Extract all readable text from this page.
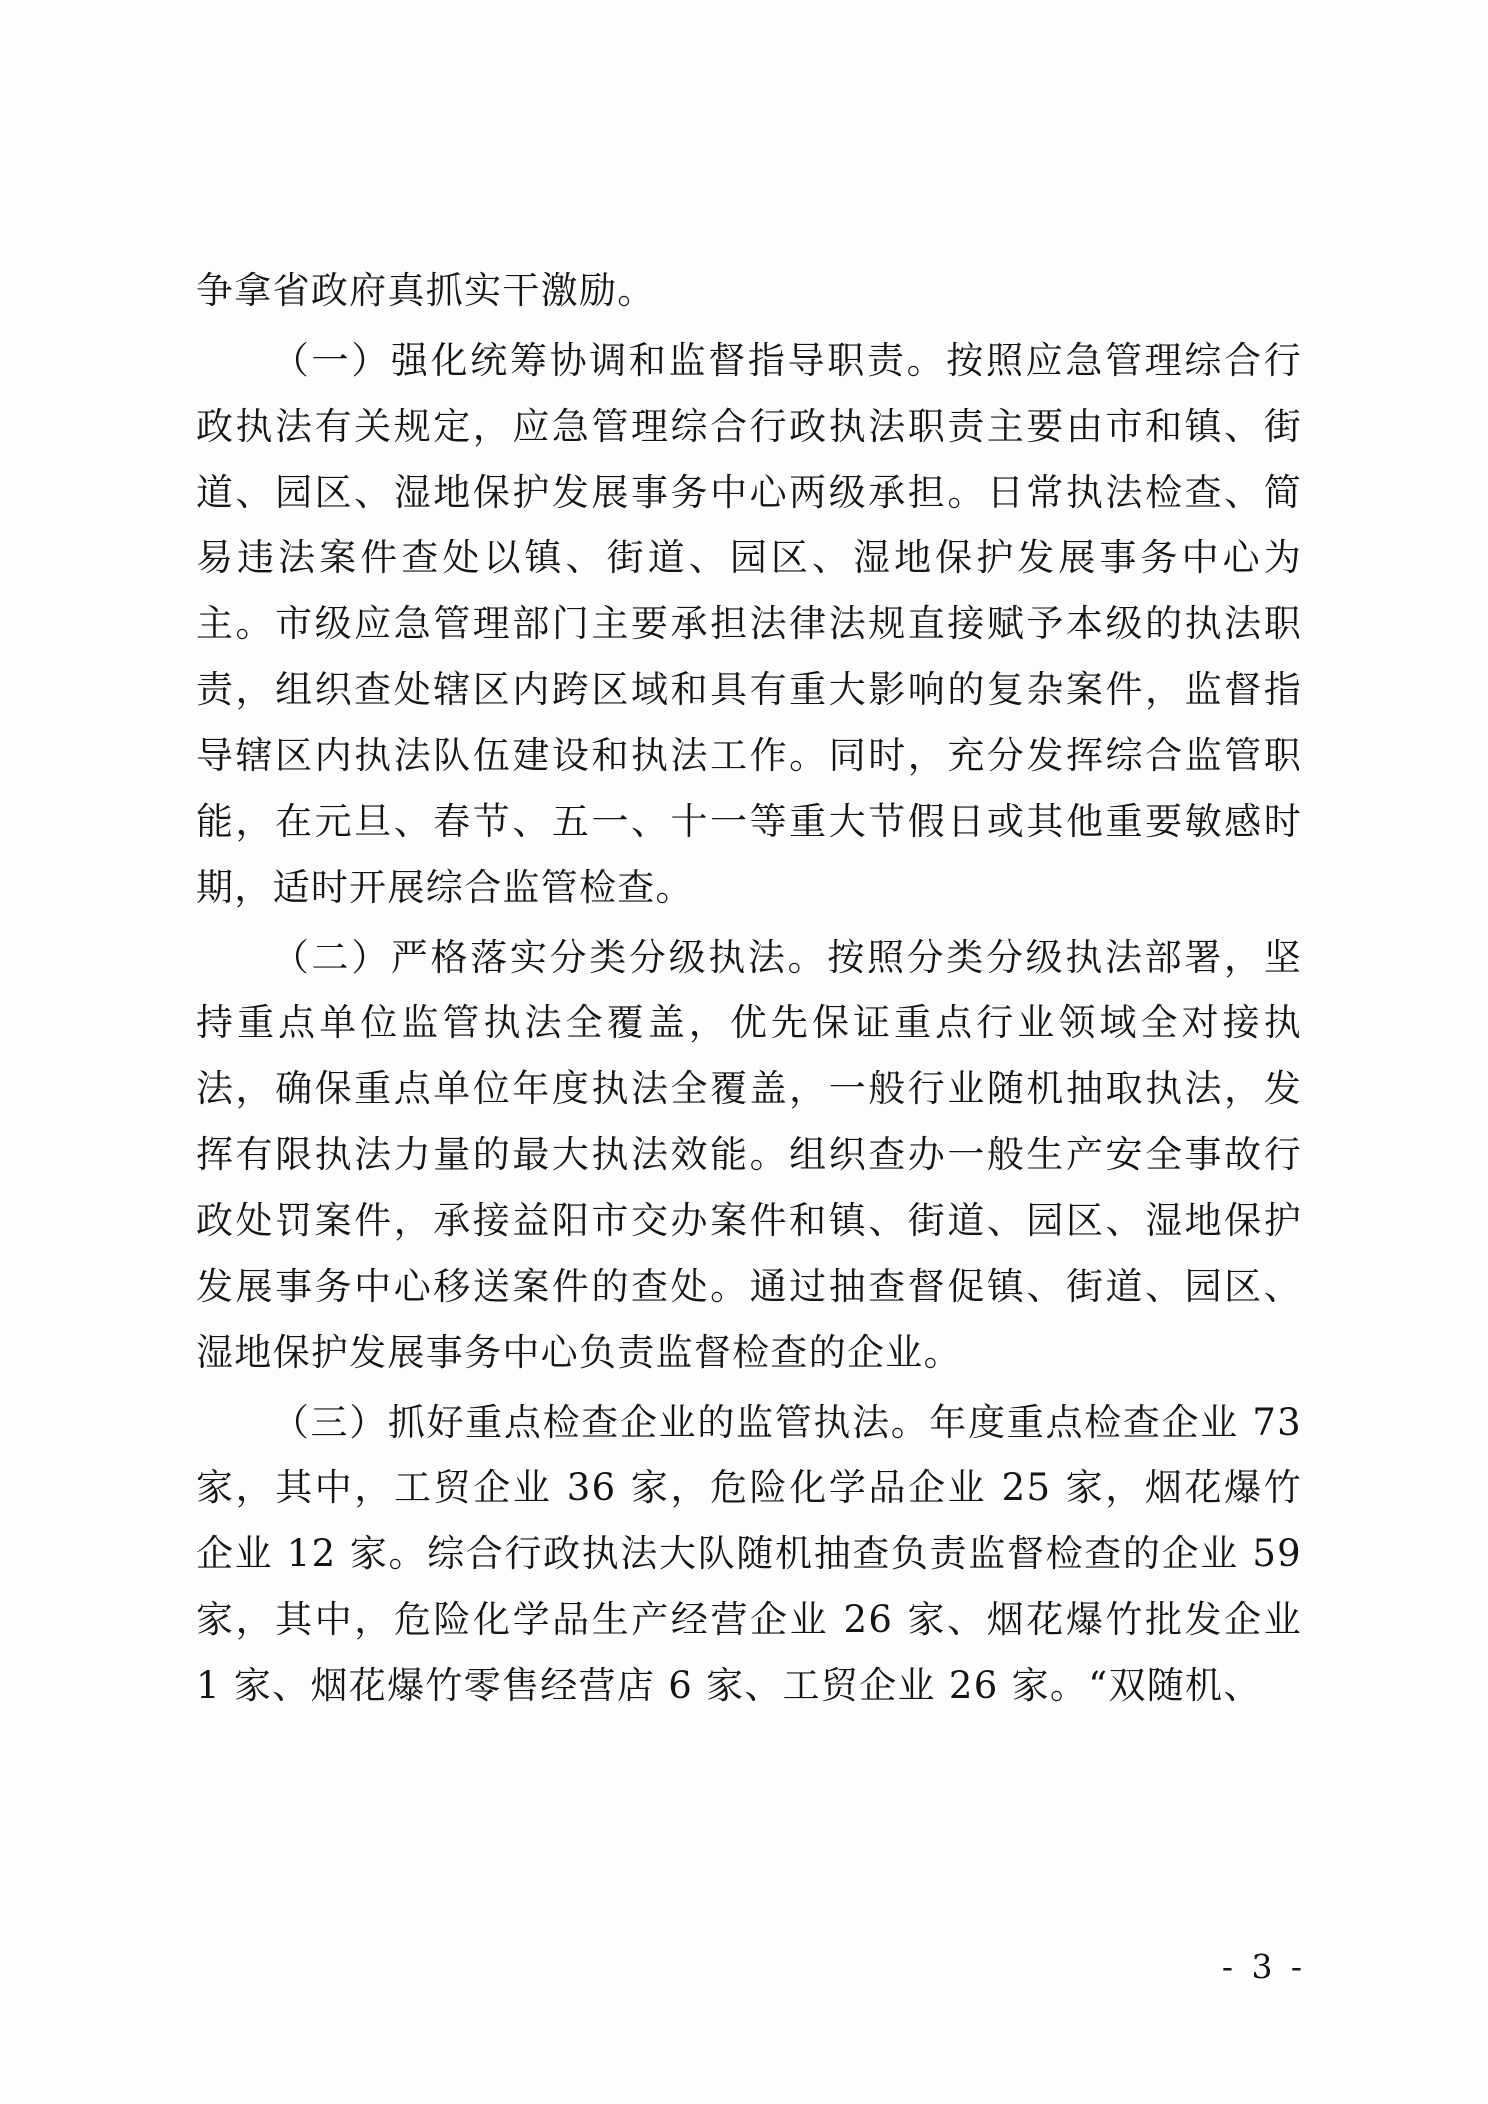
争拿省政府真抓实干激励。

（一）强化统筹协调和监督指导职责。按照应急管理综合行政执法有关规定，应急管理综合行政执法职责主要由市和镇、街道、园区、湿地保护发展事务中心两级承担。日常执法检查、简易违法案件查处以镇、街道、园区、湿地保护发展事务中心为主。市级应急管理部门主要承担法律法规直接赋予本级的执法职责，组织查处辖区内跨区域和具有重大影响的复杂案件，监督指导辖区内执法队伍建设和执法工作。同时，充分发挥综合监管职能，在元旦、春节、五一、十一等重大节假日或其他重要敏感时期，适时开展综合监管检查。

（二）严格落实分类分级执法。按照分类分级执法部署，坚持重点单位监管执法全覆盖，优先保证重点行业领域全对接执法，确保重点单位年度执法全覆盖，一般行业随机抽取执法，发挥有限执法力量的最大执法效能。组织查办一般生产安全事故行政处罚案件，承接益阳市交办案件和镇、街道、园区、湿地保护发展事务中心移送案件的查处。通过抽查督促镇、街道、园区、湿地保护发展事务中心负责监督检查的企业。

（三）抓好重点检查企业的监管执法。年度重点检查企业 73 家，其中，工贸企业 36 家，危险化学品企业 25 家，烟花爆竹企业 12 家。综合行政执法大队随机抽查负责监督检查的企业 59 家，其中，危险化学品生产经营企业 26 家、烟花爆竹批发企业 1 家、烟花爆竹零售经营店 6 家、工贸企业 26 家。“双随机、

- 3 -
